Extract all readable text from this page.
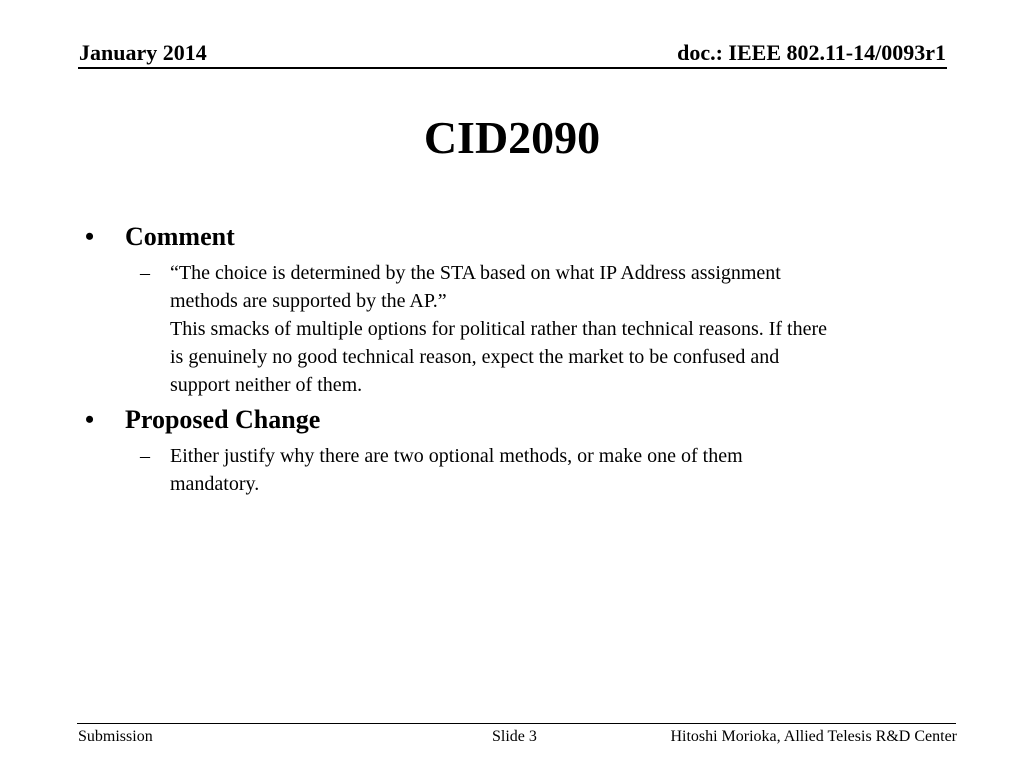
January 2014	doc.: IEEE 802.11-14/0093r1
CID2090
• Comment
–	“The choice is determined by the STA based on what IP Address assignment
methods are supported by the AP.”
This smacks of multiple options for political rather than technical reasons. If there
is genuinely no good technical reason, expect the market to be confused and
support neither of them.
• Proposed Change
–	Either justify why there are two optional methods, or make one of them
mandatory.
Submission	Slide 3	Hitoshi Morioka, Allied Telesis R&D Center
